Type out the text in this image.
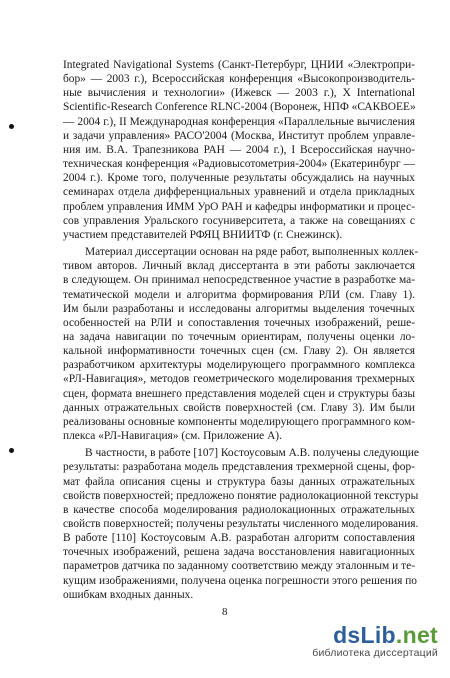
Integrated Navigational Systems (Санкт-Петербург, ЦНИИ «Электропри-
бор» — 2003 г.), Всероссийская конференция «Высокопроизводитель-
ные вычисления и технологии» (Ижевск — 2003 г.), X International
Scientific-Research Conference RLNC-2004 (Воронеж, НПФ «САКВОЕЕ»
— 2004 г.), II Международная конференция «Параллельные вычисления
и задачи управления» РАСО'2004 (Москва, Институт проблем управле-
ния им. В.А. Трапезникова РАН — 2004 г.), I Всероссийская научно-
техническая конференция «Радиовысотометрия-2004» (Екатеринбург —
2004 г.). Кроме того, полученные результаты обсуждались на научных
семинарах отдела дифференциальных уравнений и отдела прикладных
проблем управления ИММ УрО РАН и кафедры информатики и процес-
сов управления Уральского госуниверситета, а также на совещаниях с
участием представителей РФЯЦ ВНИИТФ (г. Снежинск).
Материал диссертации основан на ряде работ, выполненных коллек-
тивом авторов. Личный вклад диссертанта в эти работы заключается
в следующем. Он принимал непосредственное участие в разработке ма-
тематической модели и алгоритма формирования РЛИ (см. Главу 1).
Им были разработаны и исследованы алгоритмы выделения точечных
особенностей на РЛИ и сопоставления точечных изображений, реше-
на задача навигации по точечным ориентирам, получены оценки ло-
кальной информативности точечных сцен (см. Главу 2). Он является
разработчиком архитектуры моделирующего программного комплекса
«РЛ-Навигация», методов геометрического моделирования трехмерных
сцен, формата внешнего представления моделей сцен и структуры базы
данных отражательных свойств поверхностей (см. Главу 3). Им были
реализованы основные компоненты моделирующего программного ком-
плекса «РЛ-Навигация» (см. Приложение А).
В частности, в работе [107] Костоусовым А.В. получены следующие
результаты: разработана модель представления трехмерной сцены, фор-
мат файла описания сцены и структура базы данных отражательных
свойств поверхностей; предложено понятие радиолокационной текстуры
в качестве способа моделирования радиолокационных отражательных
свойств поверхностей; получены результаты численного моделирования.
В работе [110] Костоусовым А.В. разработан алгоритм сопоставления
точечных изображений, решена задача восстановления навигационных
параметров датчика по заданному соответствию между эталонным и те-
кущим изображениями, получена оценка погрешности этого решения по
ошибкам входных данных.
8
dsLib.net
библиотека диссертаций
